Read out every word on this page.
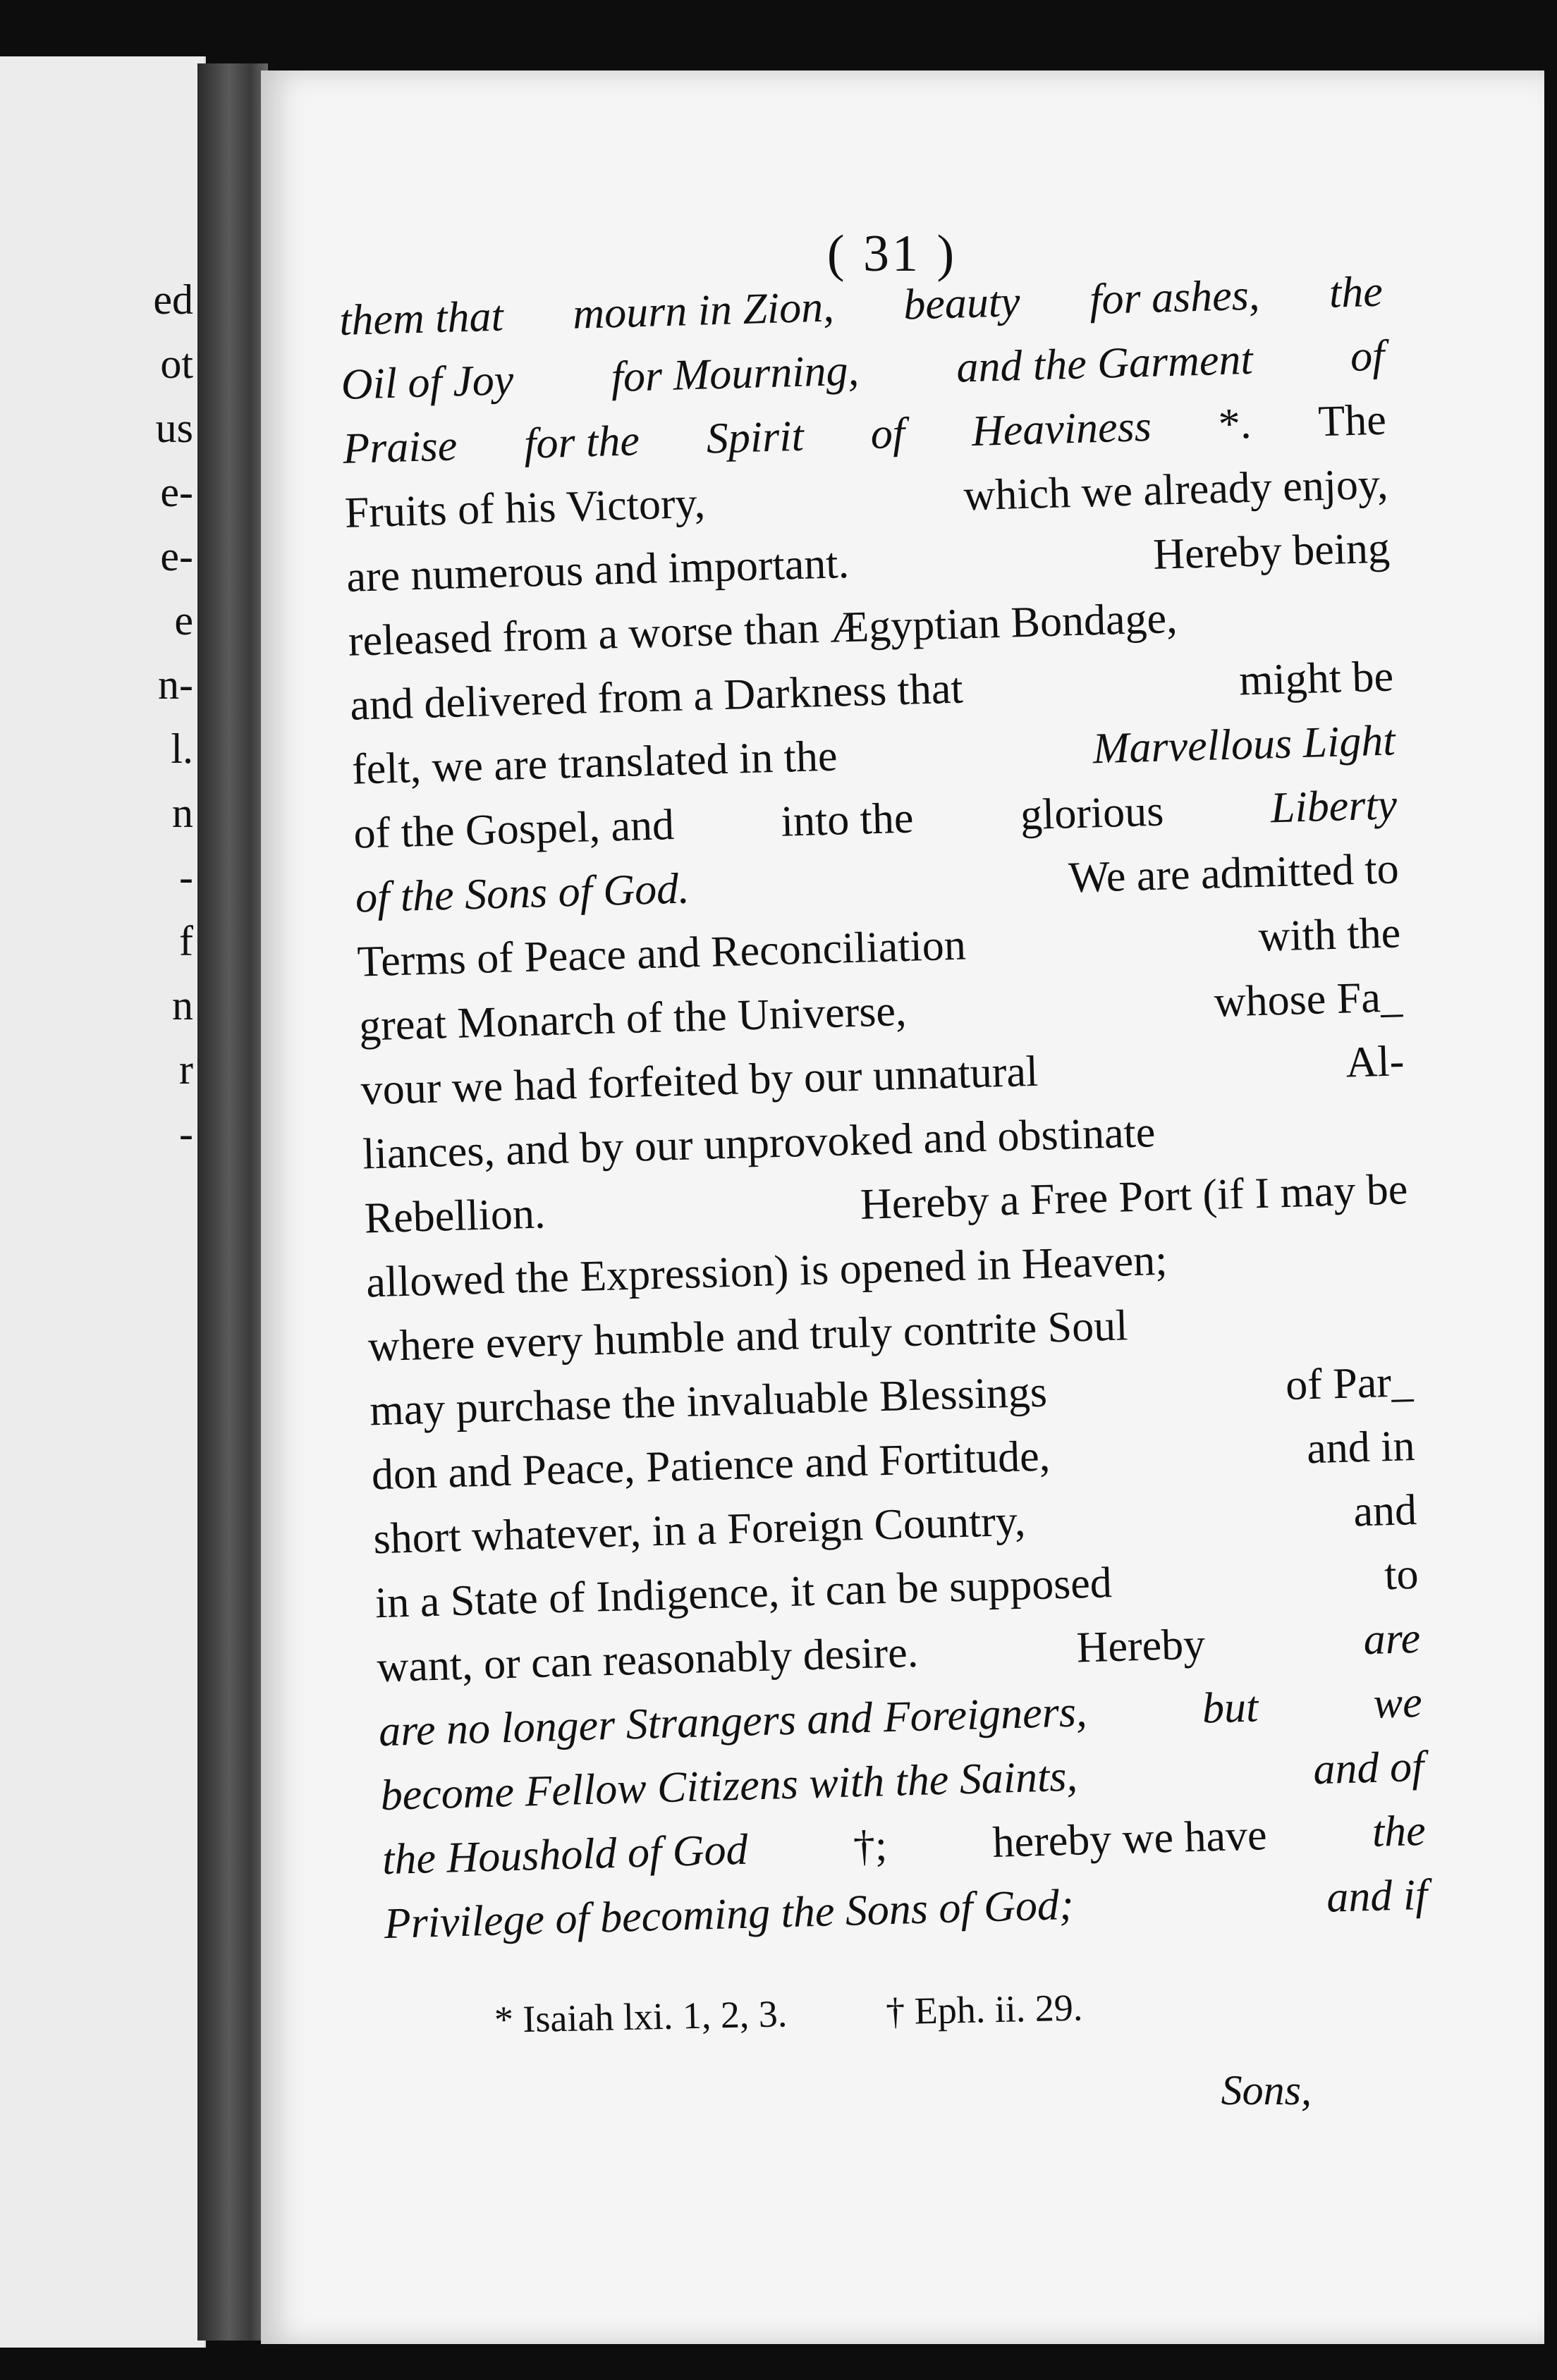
ed
ot
us
e-
e-
e
n-
l.
n
-
f
n
r
-
( 31 )
them that mourn in Zion, beauty for ashes, the
Oil of Joy for Mourning, and the Garment of
Praise for the Spirit of Heaviness *. The
Fruits of his Victory,	which we already enjoy,
are numerous and important.	Hereby being
released from a worse than Ægyptian Bondage,
and delivered from a Darkness that	might be
felt, we are translated in the	Marvellous Light
of the Gospel, and into the glorious Liberty
of the Sons of God.	We are admitted to
Terms of Peace and Reconciliation	with the
great Monarch of the Universe,	whose Fa_
vour we had forfeited by our unnatural	Al-
liances, and by our unprovoked and obstinate
Rebellion.	Hereby a Free Port (if I may be
allowed the Expression) is opened in Heaven;
where every humble and truly contrite Soul
may purchase the invaluable Blessings	of Par_
don and Peace, Patience and Fortitude,	and in
short whatever, in a Foreign Country,	and
in a State of Indigence, it can be supposed	to
want, or can reasonably desire.	Hereby	are
are no longer Strangers and Foreigners,	but	we
become Fellow Citizens with the Saints,	and of
the Houshold of God †; hereby we have the
Privilege of becoming the Sons of God;	and if
* Isaiah lxi. 1, 2, 3.	† Eph. ii. 29.
Sons,
